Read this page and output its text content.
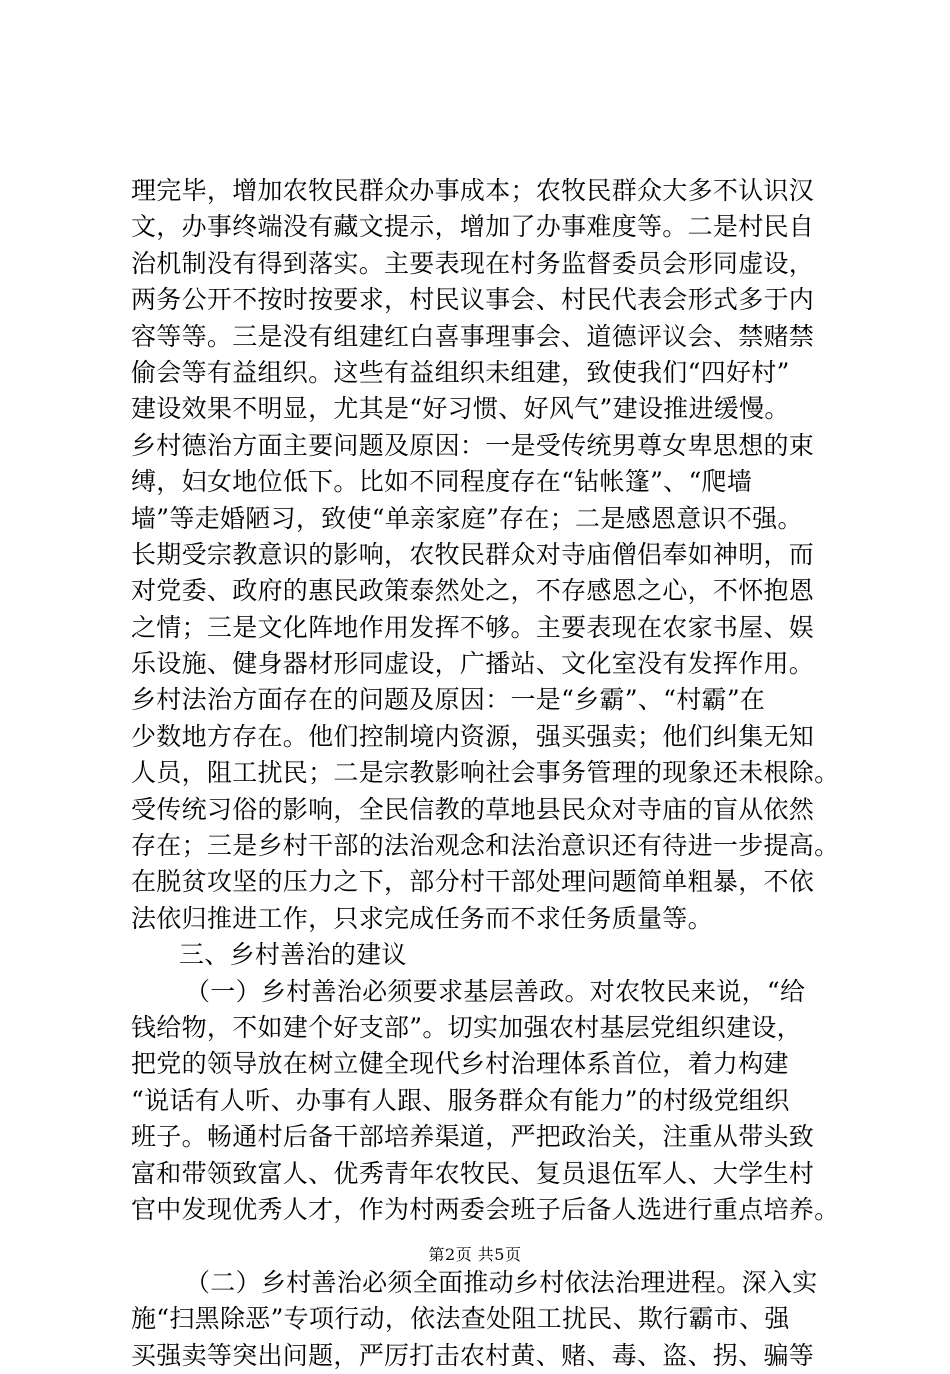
理完毕，增加农牧民群众办事成本；农牧民群众大多不认识汉
文，办事终端没有藏文提示，增加了办事难度等。二是村民自
治机制没有得到落实。主要表现在村务监督委员会形同虚设，
两务公开不按时按要求，村民议事会、村民代表会形式多于内
容等等。三是没有组建红白喜事理事会、道德评议会、禁赌禁
偷会等有益组织。这些有益组织未组建，致使我们“四好村”
建设效果不明显，尤其是“好习惯、好风气”建设推进缓慢。
乡村德治方面主要问题及原因：一是受传统男尊女卑思想的束
缚，妇女地位低下。比如不同程度存在“钻帐篷”、“爬墙
墙”等走婚陋习，致使“单亲家庭”存在；二是感恩意识不强。
长期受宗教意识的影响，农牧民群众对寺庙僧侣奉如神明，而
对党委、政府的惠民政策泰然处之，不存感恩之心，不怀抱恩
之情；三是文化阵地作用发挥不够。主要表现在农家书屋、娱
乐设施、健身器材形同虚设，广播站、文化室没有发挥作用。
乡村法治方面存在的问题及原因：一是“乡霸”、“村霸”在
少数地方存在。他们控制境内资源，强买强卖；他们纠集无知
人员，阻工扰民；二是宗教影响社会事务管理的现象还未根除。
受传统习俗的影响，全民信教的草地县民众对寺庙的盲从依然
存在；三是乡村干部的法治观念和法治意识还有待进一步提高。
在脱贫攻坚的压力之下，部分村干部处理问题简单粗暴，不依
法依归推进工作，只求完成任务而不求任务质量等。
三、乡村善治的建议
（一）乡村善治必须要求基层善政。对农牧民来说，“给
钱给物，不如建个好支部”。切实加强农村基层党组织建设，
把党的领导放在树立健全现代乡村治理体系首位，着力构建
“说话有人听、办事有人跟、服务群众有能力”的村级党组织
班子。畅通村后备干部培养渠道，严把政治关，注重从带头致
富和带领致富人、优秀青年农牧民、复员退伍军人、大学生村
官中发现优秀人才，作为村两委会班子后备人选进行重点培养。
（二）乡村善治必须全面推动乡村依法治理进程。深入实
施“扫黑除恶”专项行动，依法查处阻工扰民、欺行霸市、强
买强卖等突出问题，严厉打击农村黄、赌、毒、盗、拐、骗等
第2页 共5页
